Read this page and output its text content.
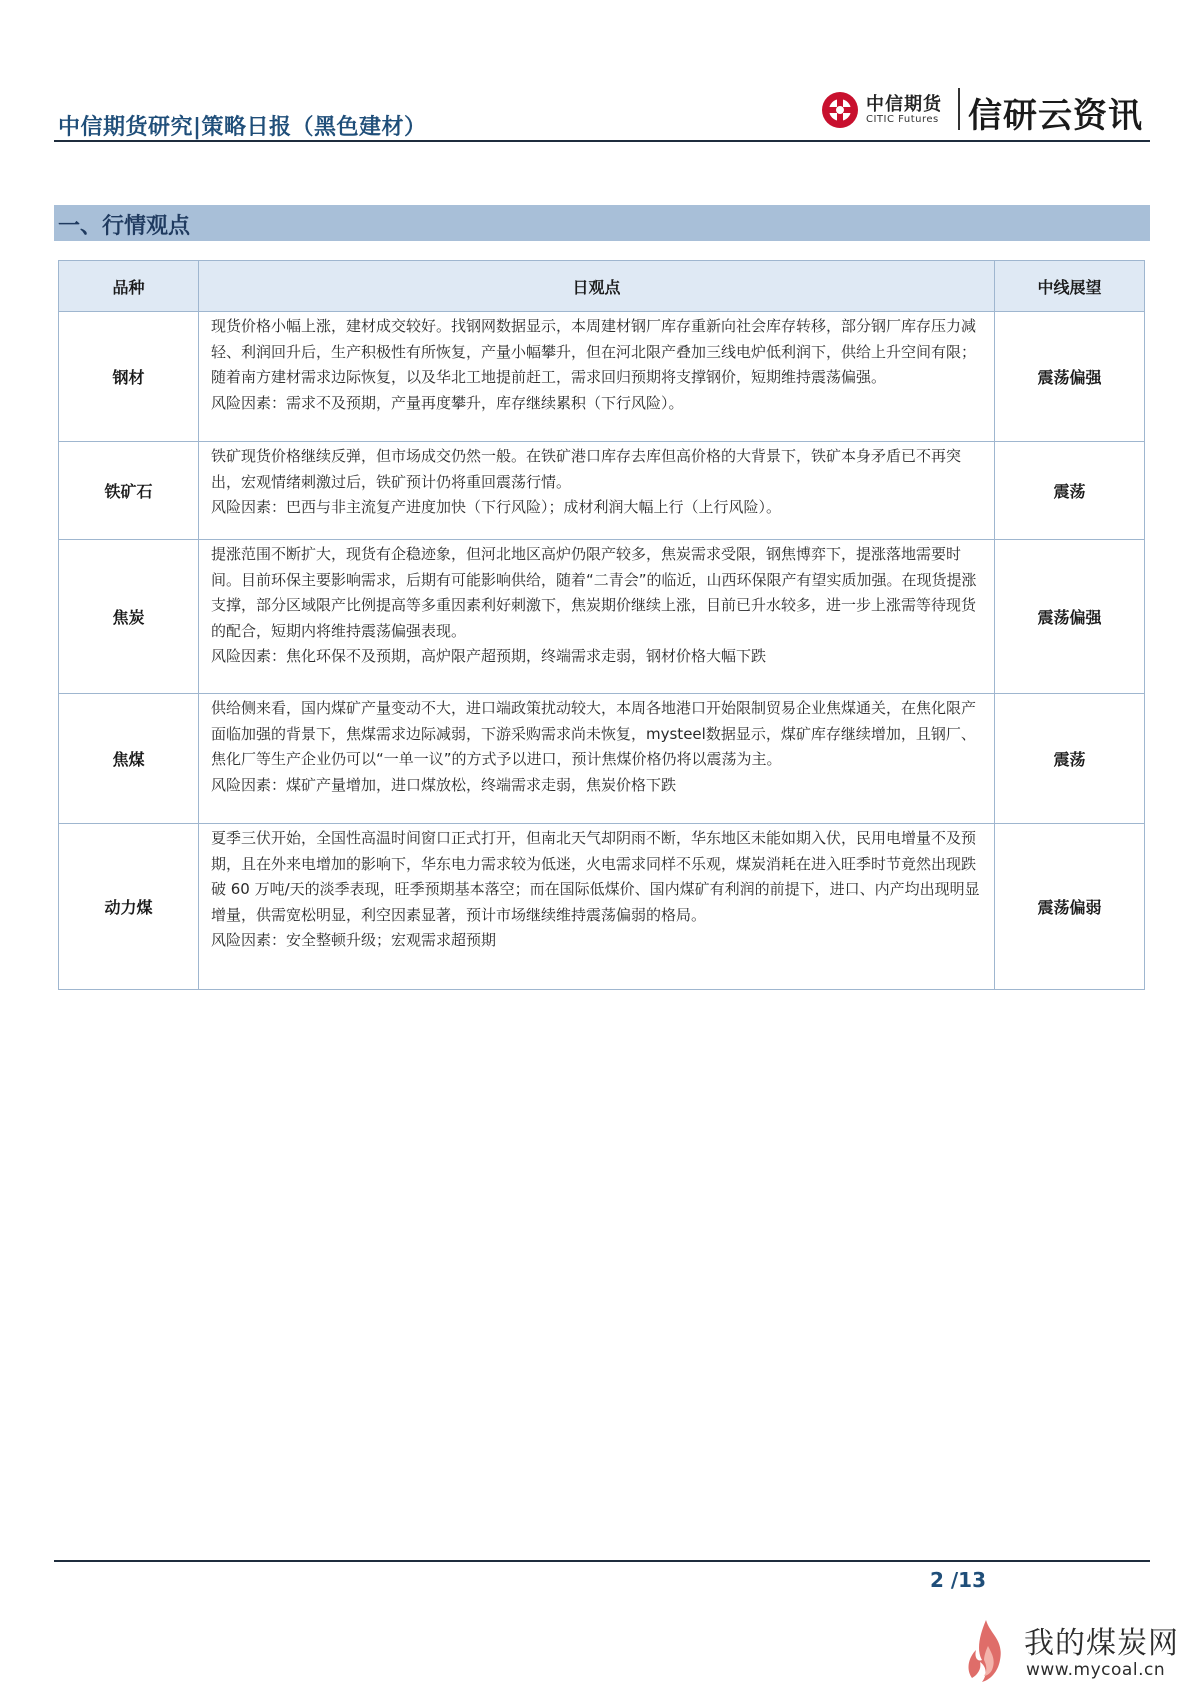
中信期货研究|策略日报（黑色建材）
中信期货
CITIC Futures 信研云资讯
一、行情观点
品种	日观点	中线展望
钢材	现货价格小幅上涨，建材成交较好。找钢网数据显示，本周建材钢厂库存重新向社会库存转移，部分钢厂库存压力减轻、利润回升后，生产积极性有所恢复，产量小幅攀升，但在河北限产叠加三线电炉低利润下，供给上升空间有限；随着南方建材需求边际恢复，以及华北工地提前赶工，需求回归预期将支撑钢价，短期维持震荡偏强。
风险因素：需求不及预期，产量再度攀升，库存继续累积（下行风险）。	震荡偏强
铁矿石	铁矿现货价格继续反弹，但市场成交仍然一般。在铁矿港口库存去库但高价格的大背景下，铁矿本身矛盾已不再突出，宏观情绪刺激过后，铁矿预计仍将重回震荡行情。
风险因素：巴西与非主流复产进度加快（下行风险）；成材利润大幅上行（上行风险）。	震荡
焦炭	提涨范围不断扩大，现货有企稳迹象，但河北地区高炉仍限产较多，焦炭需求受限，钢焦博弈下，提涨落地需要时间。目前环保主要影响需求，后期有可能影响供给，随着“二青会”的临近，山西环保限产有望实质加强。在现货提涨支撑，部分区域限产比例提高等多重因素利好刺激下，焦炭期价继续上涨，目前已升水较多，进一步上涨需等待现货的配合，短期内将维持震荡偏强表现。
风险因素：焦化环保不及预期，高炉限产超预期，终端需求走弱，钢材价格大幅下跌	震荡偏强
焦煤	供给侧来看，国内煤矿产量变动不大，进口端政策扰动较大，本周各地港口开始限制贸易企业焦煤通关，在焦化限产面临加强的背景下，焦煤需求边际减弱，下游采购需求尚未恢复，mysteel数据显示，煤矿库存继续增加，且钢厂、焦化厂等生产企业仍可以“一单一议”的方式予以进口，预计焦煤价格仍将以震荡为主。
风险因素：煤矿产量增加，进口煤放松，终端需求走弱，焦炭价格下跌	震荡
动力煤	夏季三伏开始，全国性高温时间窗口正式打开，但南北天气却阴雨不断，华东地区未能如期入伏，民用电增量不及预期，且在外来电增加的影响下，华东电力需求较为低迷，火电需求同样不乐观，煤炭消耗在进入旺季时节竟然出现跌破 60 万吨/天的淡季表现，旺季预期基本落空；而在国际低煤价、国内煤矿有利润的前提下，进口、内产均出现明显增量，供需宽松明显，利空因素显著，预计市场继续维持震荡偏弱的格局。
风险因素：安全整顿升级；宏观需求超预期	震荡偏弱
2 /13
我的煤炭网
www.mycoal.cn
